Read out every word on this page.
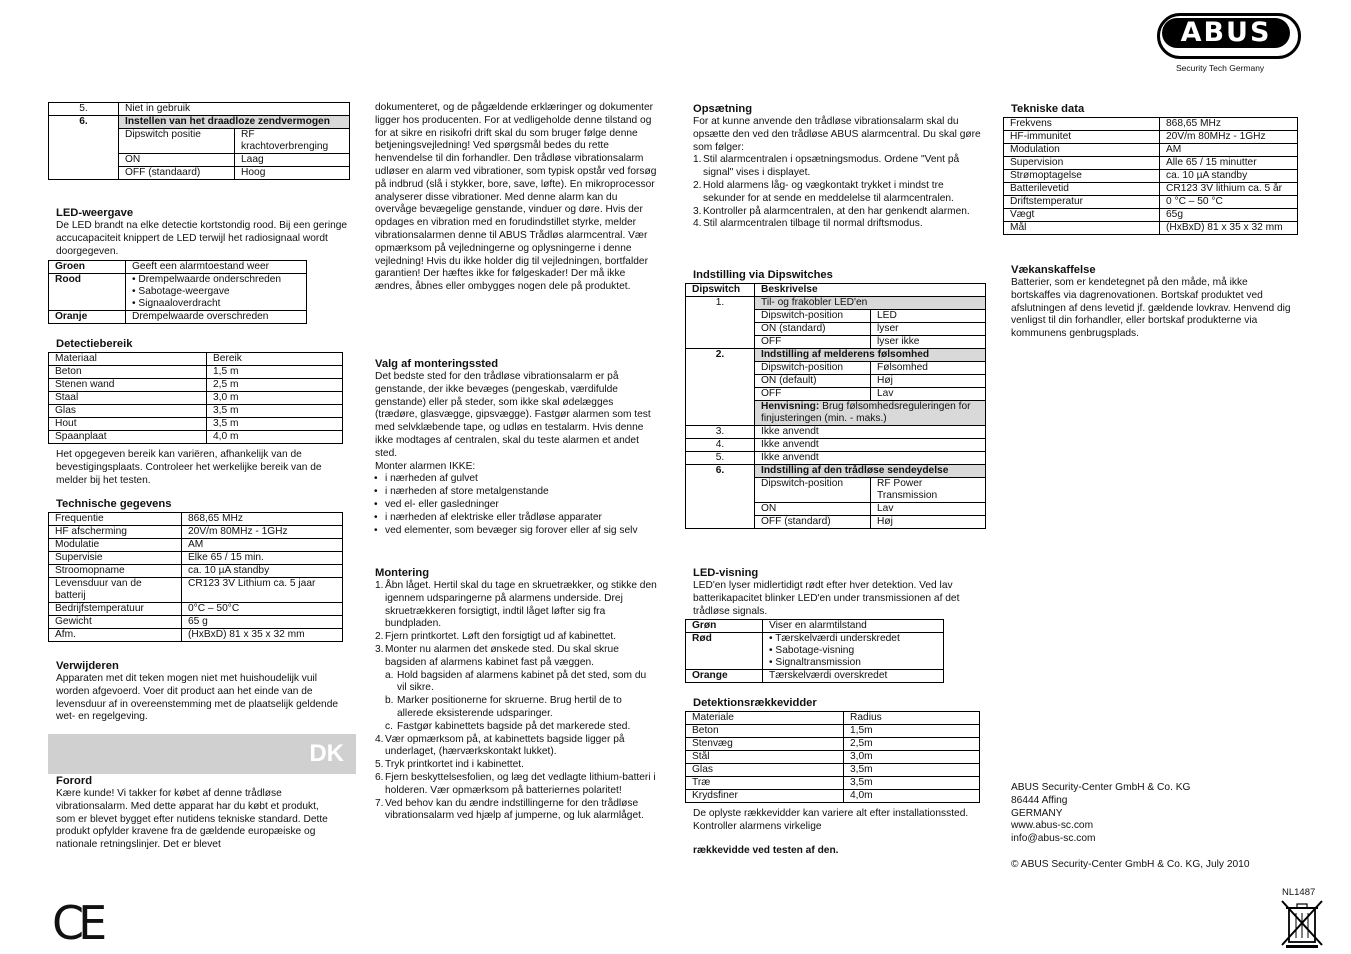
ABUS
Security Tech Germany
5.	Niet in gebruik	
6.	Instellen van het draadloze zendvermogen	
	Dipswitch positie	RF krachtoverbrenging
	ON	Laag
	OFF (standaard)	Hoog
LED-weergave
De LED brandt na elke detectie kortstondig rood. Bij een geringe accucapaciteit knippert de LED terwijl het radiosignaal wordt doorgegeven.
Groen	Geeft een alarmtoestand weer
Rood	• Drempelwaarde onderschreden
• Sabotage-weergave
• Signaaloverdracht

Oranje	Drempelwaarde overschreden
Detectiebereik
Materiaal	Bereik
Beton	1,5 m
Stenen wand	2,5 m
Staal	3,0 m
Glas	3,5 m
Hout	3,5 m
Spaanplaat	4,0 m
Het opgegeven bereik kan variëren, afhankelijk van de bevestigingsplaats. Controleer het werkelijke bereik van de melder bij het testen.
Technische gegevens
Frequentie	868,65 MHz
HF afscherming	20V/m 80MHz - 1GHz
Modulatie	AM
Supervisie	Elke 65 / 15 min.
Stroomopname	ca. 10 µA standby
Levensduur van de batterij	CR123 3V Lithium ca. 5 jaar
Bedrijfstemperatuur	0°C – 50°C
Gewicht	65 g
Afm.	(HxBxD) 81 x 35 x 32 mm
Verwijderen
Apparaten met dit teken mogen niet met huishoudelijk vuil worden afgevoerd. Voer dit product aan het einde van de levensduur af in overeenstemming met de plaatselijk geldende wet- en regelgeving.
Forord
Kære kunde! Vi takker for købet af denne trådløse vibrationsalarm. Med dette apparat har du købt et produkt, som er blevet bygget efter nutidens tekniske standard. Dette produkt opfylder kravene fra de gældende europæiske og nationale retningslinjer. Det er blevet
CE
DK
dokumenteret, og de pågældende erklæringer og dokumenter ligger hos producenten. For at vedligeholde denne tilstand og for at sikre en risikofri drift skal du som bruger følge denne betjeningsvejledning! Ved spørgsmål bedes du rette henvendelse til din forhandler. Den trådløse vibrationsalarm udløser en alarm ved vibrationer, som typisk opstår ved forsøg på indbrud (slå i stykker, bore, save, løfte). En mikroprocessor analyserer disse vibrationer. Med denne alarm kan du overvåge bevægelige genstande, vinduer og døre. Hvis der opdages en vibration med en forudindstillet styrke, melder vibrationsalarmen denne til ABUS Trådløs alarmcentral. Vær opmærksom på vejledningerne og oplysningerne i denne vejledning! Hvis du ikke holder dig til vejledningen, bortfalder garantien! Der hæftes ikke for følgeskader! Der må ikke ændres, åbnes eller ombygges nogen dele på produktet.
Valg af monteringssted
Det bedste sted for den trådløse vibrationsalarm er på genstande, der ikke bevæges (pengeskab, værdifulde genstande) eller på steder, som ikke skal ødelægges (trædøre, glasvægge, gipsvægge). Fastgør alarmen som test med selvklæbende tape, og udløs en testalarm. Hvis denne ikke modtages af centralen, skal du teste alarmen et andet sted.
Monter alarmen IKKE:
• i nærheden af gulvet
• i nærheden af store metalgenstande
• ved el- eller gasledninger
• i nærheden af elektriske eller trådløse apparater
• ved elementer, som bevæger sig forover eller af sig selv
Montering
1. Åbn låget. Hertil skal du tage en skruetrækker, og stikke den igennem udsparingerne på alarmens underside. Drej skruetrækkeren forsigtigt, indtil låget løfter sig fra bundpladen.
2. Fjern printkortet. Løft den forsigtigt ud af kabinettet.
3. Monter nu alarmen det ønskede sted. Du skal skrue bagsiden af alarmens kabinet fast på væggen.
a. Hold bagsiden af alarmens kabinet på det sted, som du vil sikre.
b. Marker positionerne for skruerne. Brug hertil de to allerede eksisterende udsparinger.
c. Fastgør kabinettets bagside på det markerede sted.
4. Vær opmærksom på, at kabinettets bagside ligger på underlaget, (hærværkskontakt lukket).
5. Tryk printkortet ind i kabinettet.
6. Fjern beskyttelsesfolien, og læg det vedlagte lithium-batteri i holderen. Vær opmærksom på batteriernes polaritet!
7. Ved behov kan du ændre indstillingerne for den trådløse vibrationsalarm ved hjælp af jumperne, og luk alarmlåget.
Opsætning
For at kunne anvende den trådløse vibrationsalarm skal du opsætte den ved den trådløse ABUS alarmcentral. Du skal gøre som følger:
1. Stil alarmcentralen i opsætningsmodus. Ordene "Vent på signal" vises i displayet.
2. Hold alarmens låg- og vægkontakt trykket i mindst tre sekunder for at sende en meddelelse til alarmcentralen.
3. Kontroller på alarmcentralen, at den har genkendt alarmen.
4. Stil alarmcentralen tilbage til normal driftsmodus.
Indstilling via Dipswitches
Dipswitch	Beskrivelse	
1.	Til- og frakobler LED'en	
	Dipswitch-position	LED
	ON (standard)	lyser
	OFF	lyser ikke
2.	Indstilling af melderens følsomhed	
	Dipswitch-position	Følsomhed
	ON (default)	Høj
	OFF	Lav
	Henvisning: Brug følsomhedsreguleringen for finjusteringen (min. - maks.)	
3.	Ikke anvendt	
4.	Ikke anvendt	
5.	Ikke anvendt	
6.	Indstilling af den trådløse sendeydelse	
	Dipswitch-position	RF Power Transmission
	ON	Lav
	OFF (standard)	Høj
LED-visning
LED'en lyser midlertidigt rødt efter hver detektion. Ved lav batterikapacitet blinker LED'en under transmissionen af det trådløse signals.
Grøn	Viser en alarmtilstand
Rød	• Tærskelværdi underskredet
• Sabotage-visning
• Signaltransmission

Orange	Tærskelværdi overskredet
Detektionsrækkevidder
Materiale	Radius
Beton	1,5m
Stenvæg	2,5m
Stål	3,0m
Glas	3,5m
Træ	3,5m
Krydsfiner	4,0m
De oplyste rækkevidder kan variere alt efter installationssted. Kontroller alarmens virkelige
rækkevidde ved testen af den.
Tekniske data
Frekvens	868,65 MHz
HF-immunitet	20V/m 80MHz - 1GHz
Modulation	AM
Supervision	Alle 65 / 15 minutter
Strømoptagelse	ca. 10 µA standby
Batterilevetid	CR123 3V lithium ca. 5 år
Driftstemperatur	0 °C – 50 °C
Vægt	65g
Mål	(HxBxD) 81 x 35 x 32 mm
Vækanskaffelse
Batterier, som er kendetegnet på den måde, må ikke bortskaffes via dagrenovationen. Bortskaf produktet ved afslutningen af dens levetid jf. gældende lovkrav. Henvend dig venligst til din forhandler, eller bortskaf produkterne via kommunens genbrugsplads.
ABUS Security-Center GmbH & Co. KG
86444 Affing
GERMANY
www.abus-sc.com
info@abus-sc.com
© ABUS Security-Center GmbH & Co. KG, July 2010
NL1487
